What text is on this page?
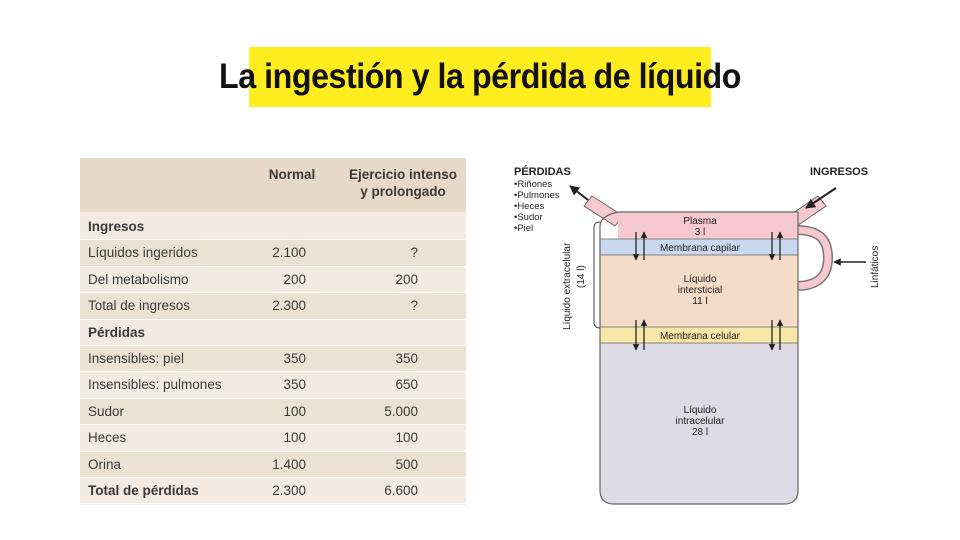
La ingestión y la pérdida de líquido
Normal	Ejercicio intenso
y prolongado
Ingresos
Líquidos ingeridos	2.100	?
Del metabolismo	200	200
Total de ingresos	2.300	?
Pérdidas
Insensibles: piel	350	350
Insensibles: pulmones	350	650
Sudor	100	5.000
Heces	100	100
Orina	1.400	500
Total de pérdidas	2.300	6.600
PÉRDIDAS
•Riñones
•Pulmones
•Heces
•Sudor
•Piel
INGRESOS
Linfáticos
Plasma
3 l
Membrana capilar
Líquido
intersticial
11 l
Membrana celular
Líquido
intracelular
28 l
Líquido extracelular (14 l)
